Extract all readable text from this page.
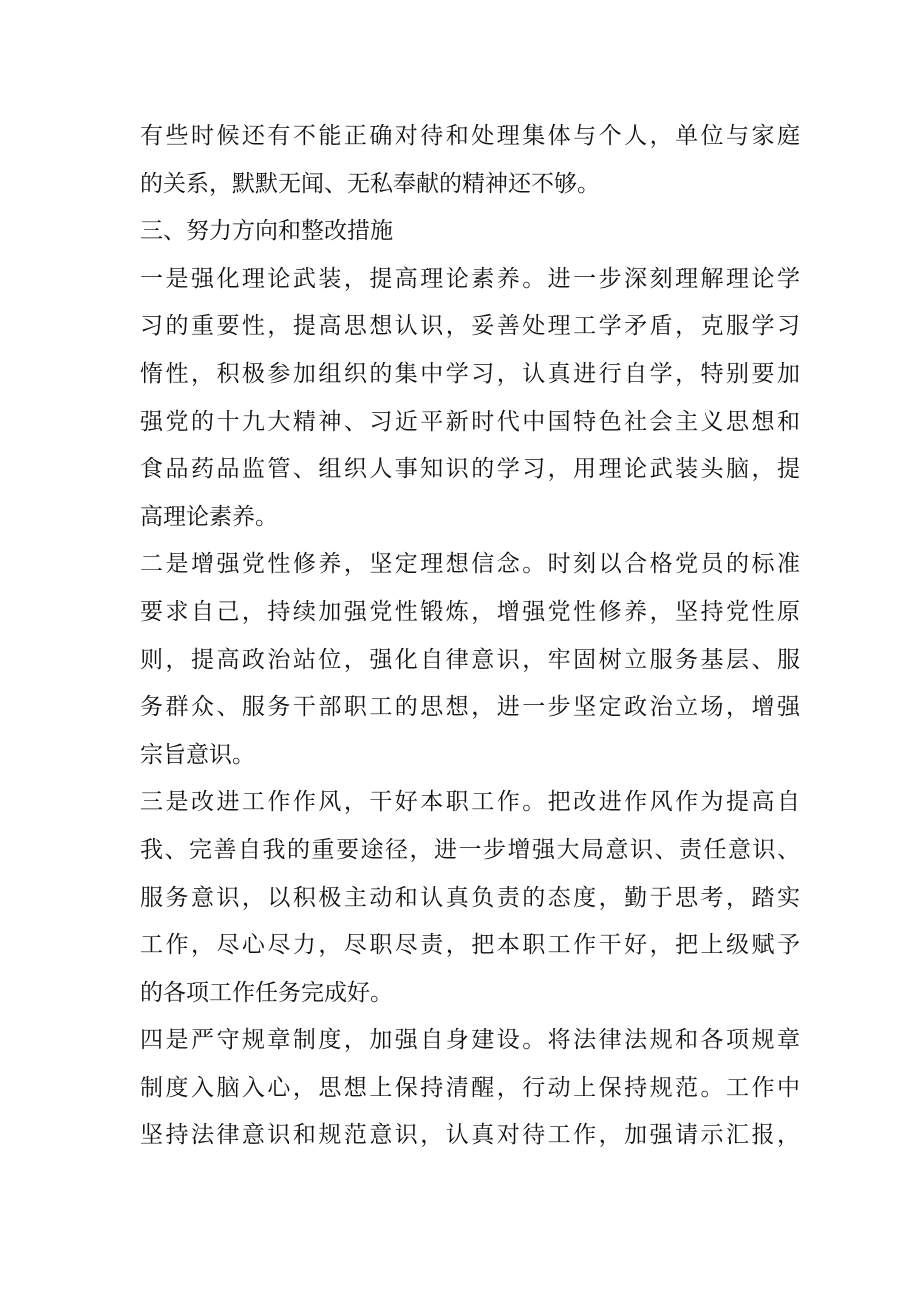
有些时候还有不能正确对待和处理集体与个人，单位与家庭
的关系，默默无闻、无私奉献的精神还不够。

三、努力方向和整改措施

一是强化理论武装，提高理论素养。进一步深刻理解理论学
习的重要性，提高思想认识，妥善处理工学矛盾，克服学习
惰性，积极参加组织的集中学习，认真进行自学，特别要加
强党的十九大精神、习近平新时代中国特色社会主义思想和
食品药品监管、组织人事知识的学习，用理论武装头脑，提
高理论素养。

二是增强党性修养，坚定理想信念。时刻以合格党员的标准
要求自己，持续加强党性锻炼，增强党性修养，坚持党性原
则，提高政治站位，强化自律意识，牢固树立服务基层、服
务群众、服务干部职工的思想，进一步坚定政治立场，增强
宗旨意识。

三是改进工作作风，干好本职工作。把改进作风作为提高自
我、完善自我的重要途径，进一步增强大局意识、责任意识、
服务意识，以积极主动和认真负责的态度，勤于思考，踏实
工作，尽心尽力，尽职尽责，把本职工作干好，把上级赋予
的各项工作任务完成好。

四是严守规章制度，加强自身建设。将法律法规和各项规章
制度入脑入心，思想上保持清醒，行动上保持规范。工作中
坚持法律意识和规范意识，认真对待工作，加强请示汇报，
